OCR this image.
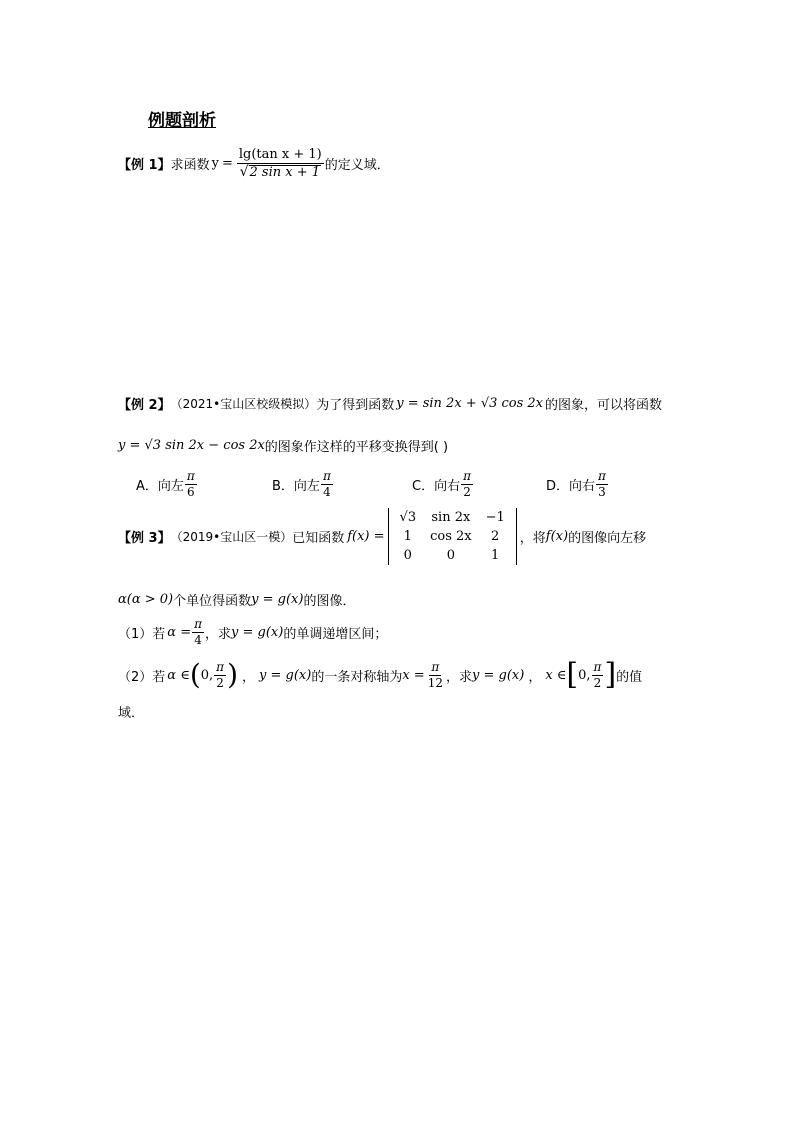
例题剖析
【例 1】 求函数 $y = \frac{\text{lg(tan x + 1)}}{\text{√ 2 sin x + 1}}$ 的定义域．
【例 2】 （2021•宝山区校级模拟） 为了得到函数 y = sin 2x + √3 cos 2x 的图象，可以将函数
y = √3 sin 2x − cos 2x 的图象作这样的平移变换得到( )
A． 向左 $\frac{\pi}{6}$	B． 向左 $\frac{\pi}{4}$	C． 向右 $\frac{\pi}{2}$	D． 向右 $\frac{\pi}{3}$
【例 3】 （2019•宝山区一模） 已知函数 f(x) =
√3	sin 2x	−1
1	cos 2x	2
0	0	1
，将 f(x) 的图像向左移
α(α > 0) 个单位得函数 y = g(x) 的图像．
（1）若 $\alpha = \frac{\pi}{4}$ ，求 y = g(x) 的单调递增区间；
（2）若 α ∈ ( 0, $\frac{\pi}{2}$ ) ， y = g(x) 的一条对称轴为 $x = \frac{\pi}{12}$ ，求 y = g(x) ， x ∈ [ 0, $\frac{\pi}{2}$ ] 的值
域．
